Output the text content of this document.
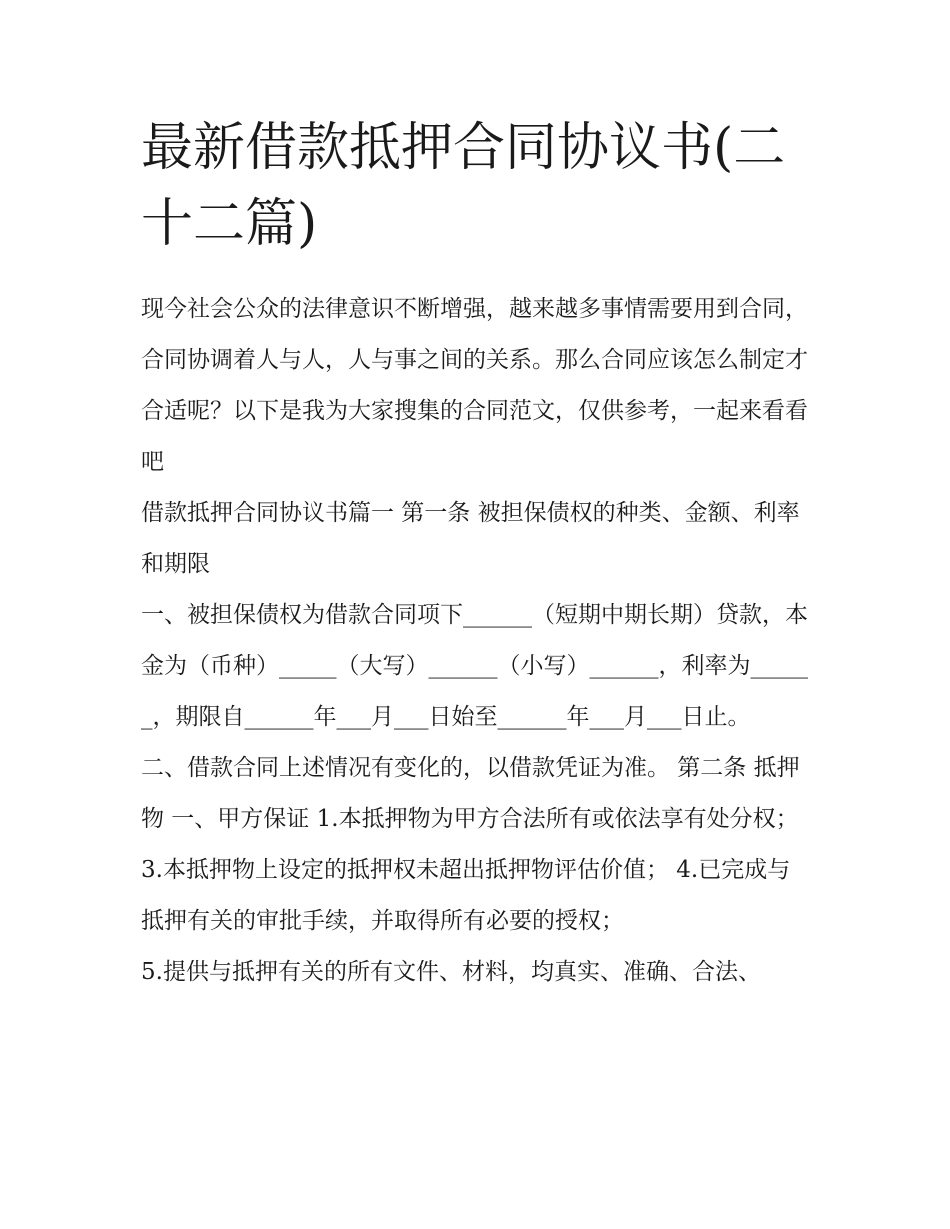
最新借款抵押合同协议书(二十二篇)

现今社会公众的法律意识不断增强，越来越多事情需要用到合同，合同协调着人与人，人与事之间的关系。那么合同应该怎么制定才合适呢？以下是我为大家搜集的合同范文，仅供参考，一起来看看吧

借款抵押合同协议书篇一 第一条 被担保债权的种类、金额、利率和期限

一、被担保债权为借款合同项下______（短期中期长期）贷款，本金为（币种）_____（大写）______（小写）______，利率为______，期限自______年___月___日始至______年___月___日止。

二、借款合同上述情况有变化的，以借款凭证为准。 第二条 抵押物 一、甲方保证 1.本抵押物为甲方合法所有或依法享有处分权；

3.本抵押物上设定的抵押权未超出抵押物评估价值； 4.已完成与抵押有关的审批手续，并取得所有必要的授权；

5.提供与抵押有关的所有文件、材料，均真实、准确、合法、
